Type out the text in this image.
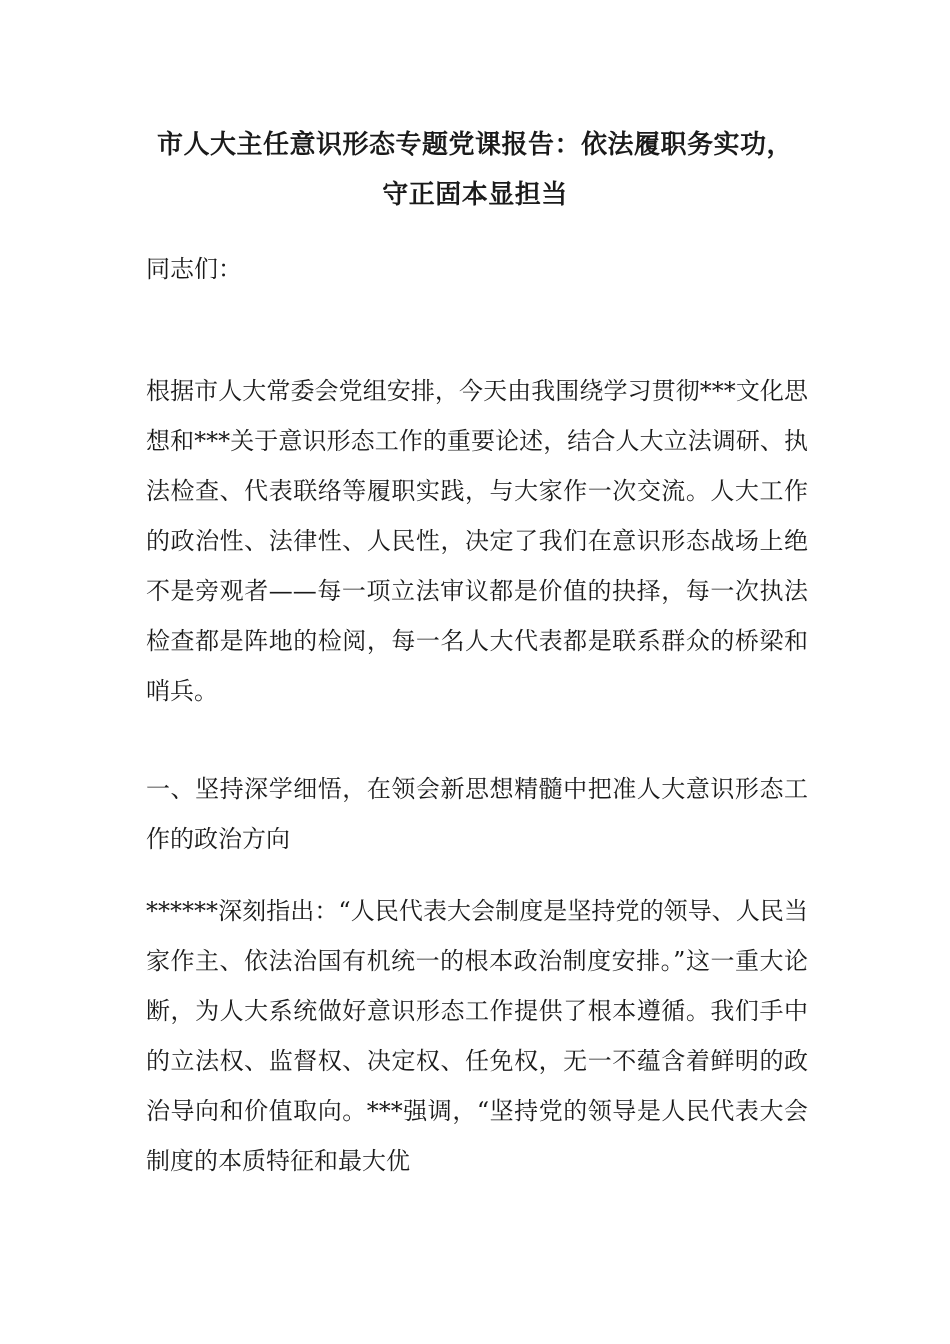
市人大主任意识形态专题党课报告：依法履职务实功，
守正固本显担当

同志们：

根据市人大常委会党组安排，今天由我围绕学习贯彻***文化思想和***关于意识形态工作的重要论述，结合人大立法调研、执法检查、代表联络等履职实践，与大家作一次交流。人大工作的政治性、法律性、人民性，决定了我们在意识形态战场上绝不是旁观者——每一项立法审议都是价值的抉择，每一次执法检查都是阵地的检阅，每一名人大代表都是联系群众的桥梁和哨兵。

一、坚持深学细悟，在领会新思想精髓中把准人大意识形态工作的政治方向

******深刻指出：“人民代表大会制度是坚持党的领导、人民当家作主、依法治国有机统一的根本政治制度安排。”这一重大论断，为人大系统做好意识形态工作提供了根本遵循。我们手中的立法权、监督权、决定权、任免权，无一不蕴含着鲜明的政治导向和价值取向。***强调，“坚持党的领导是人民代表大会制度的本质特征和最大优
